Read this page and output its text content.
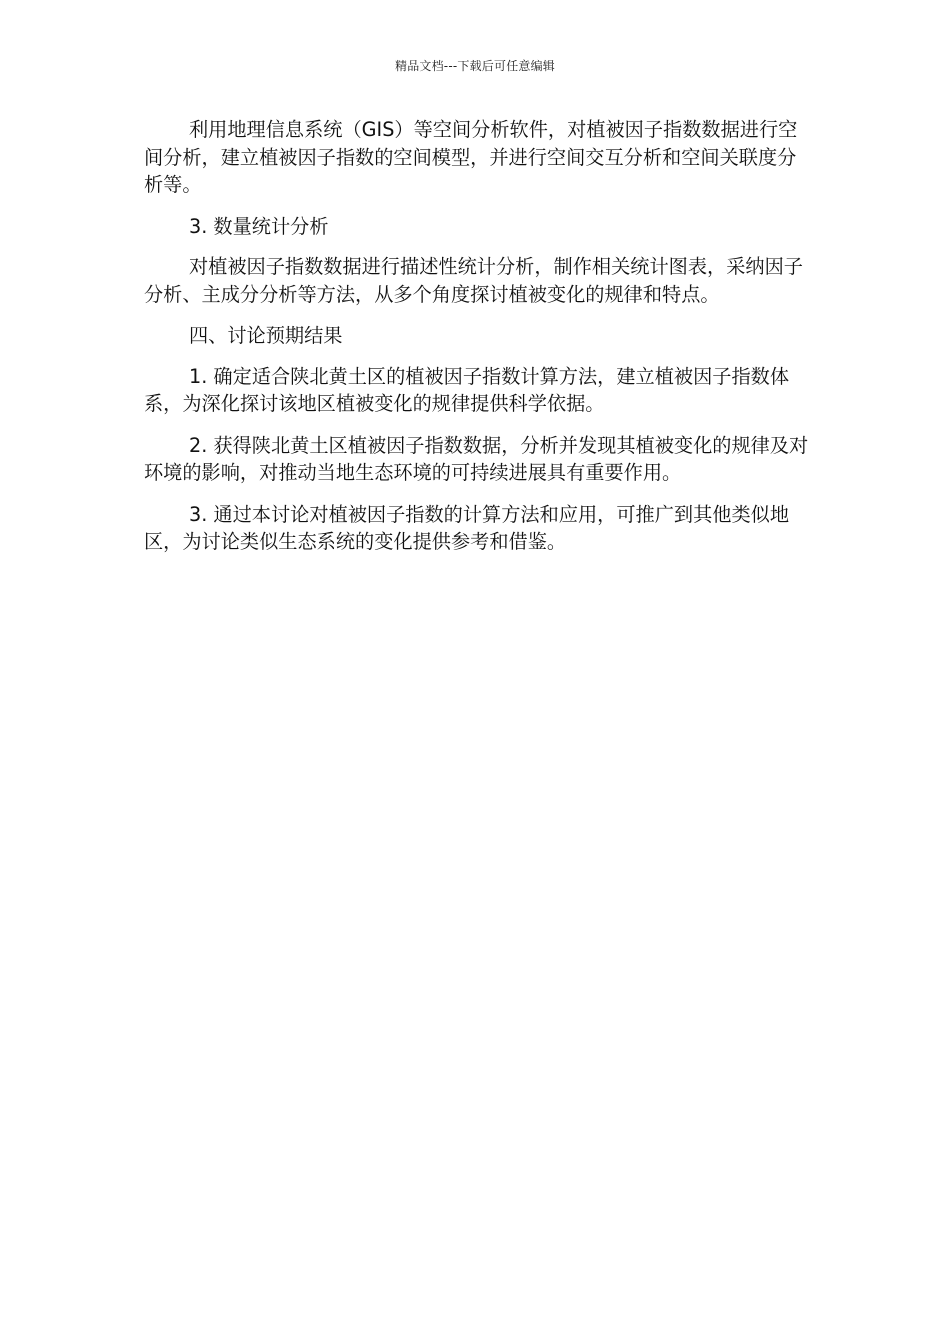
精品文档---下载后可任意编辑

利用地理信息系统（GIS）等空间分析软件，对植被因子指数数据进行空间分析，建立植被因子指数的空间模型，并进行空间交互分析和空间关联度分析等。

3. 数量统计分析

对植被因子指数数据进行描述性统计分析，制作相关统计图表，采纳因子分析、主成分分析等方法，从多个角度探讨植被变化的规律和特点。

四、讨论预期结果

1. 确定适合陕北黄土区的植被因子指数计算方法，建立植被因子指数体系，为深化探讨该地区植被变化的规律提供科学依据。

2. 获得陕北黄土区植被因子指数数据，分析并发现其植被变化的规律及对环境的影响，对推动当地生态环境的可持续进展具有重要作用。

3. 通过本讨论对植被因子指数的计算方法和应用，可推广到其他类似地区，为讨论类似生态系统的变化提供参考和借鉴。
